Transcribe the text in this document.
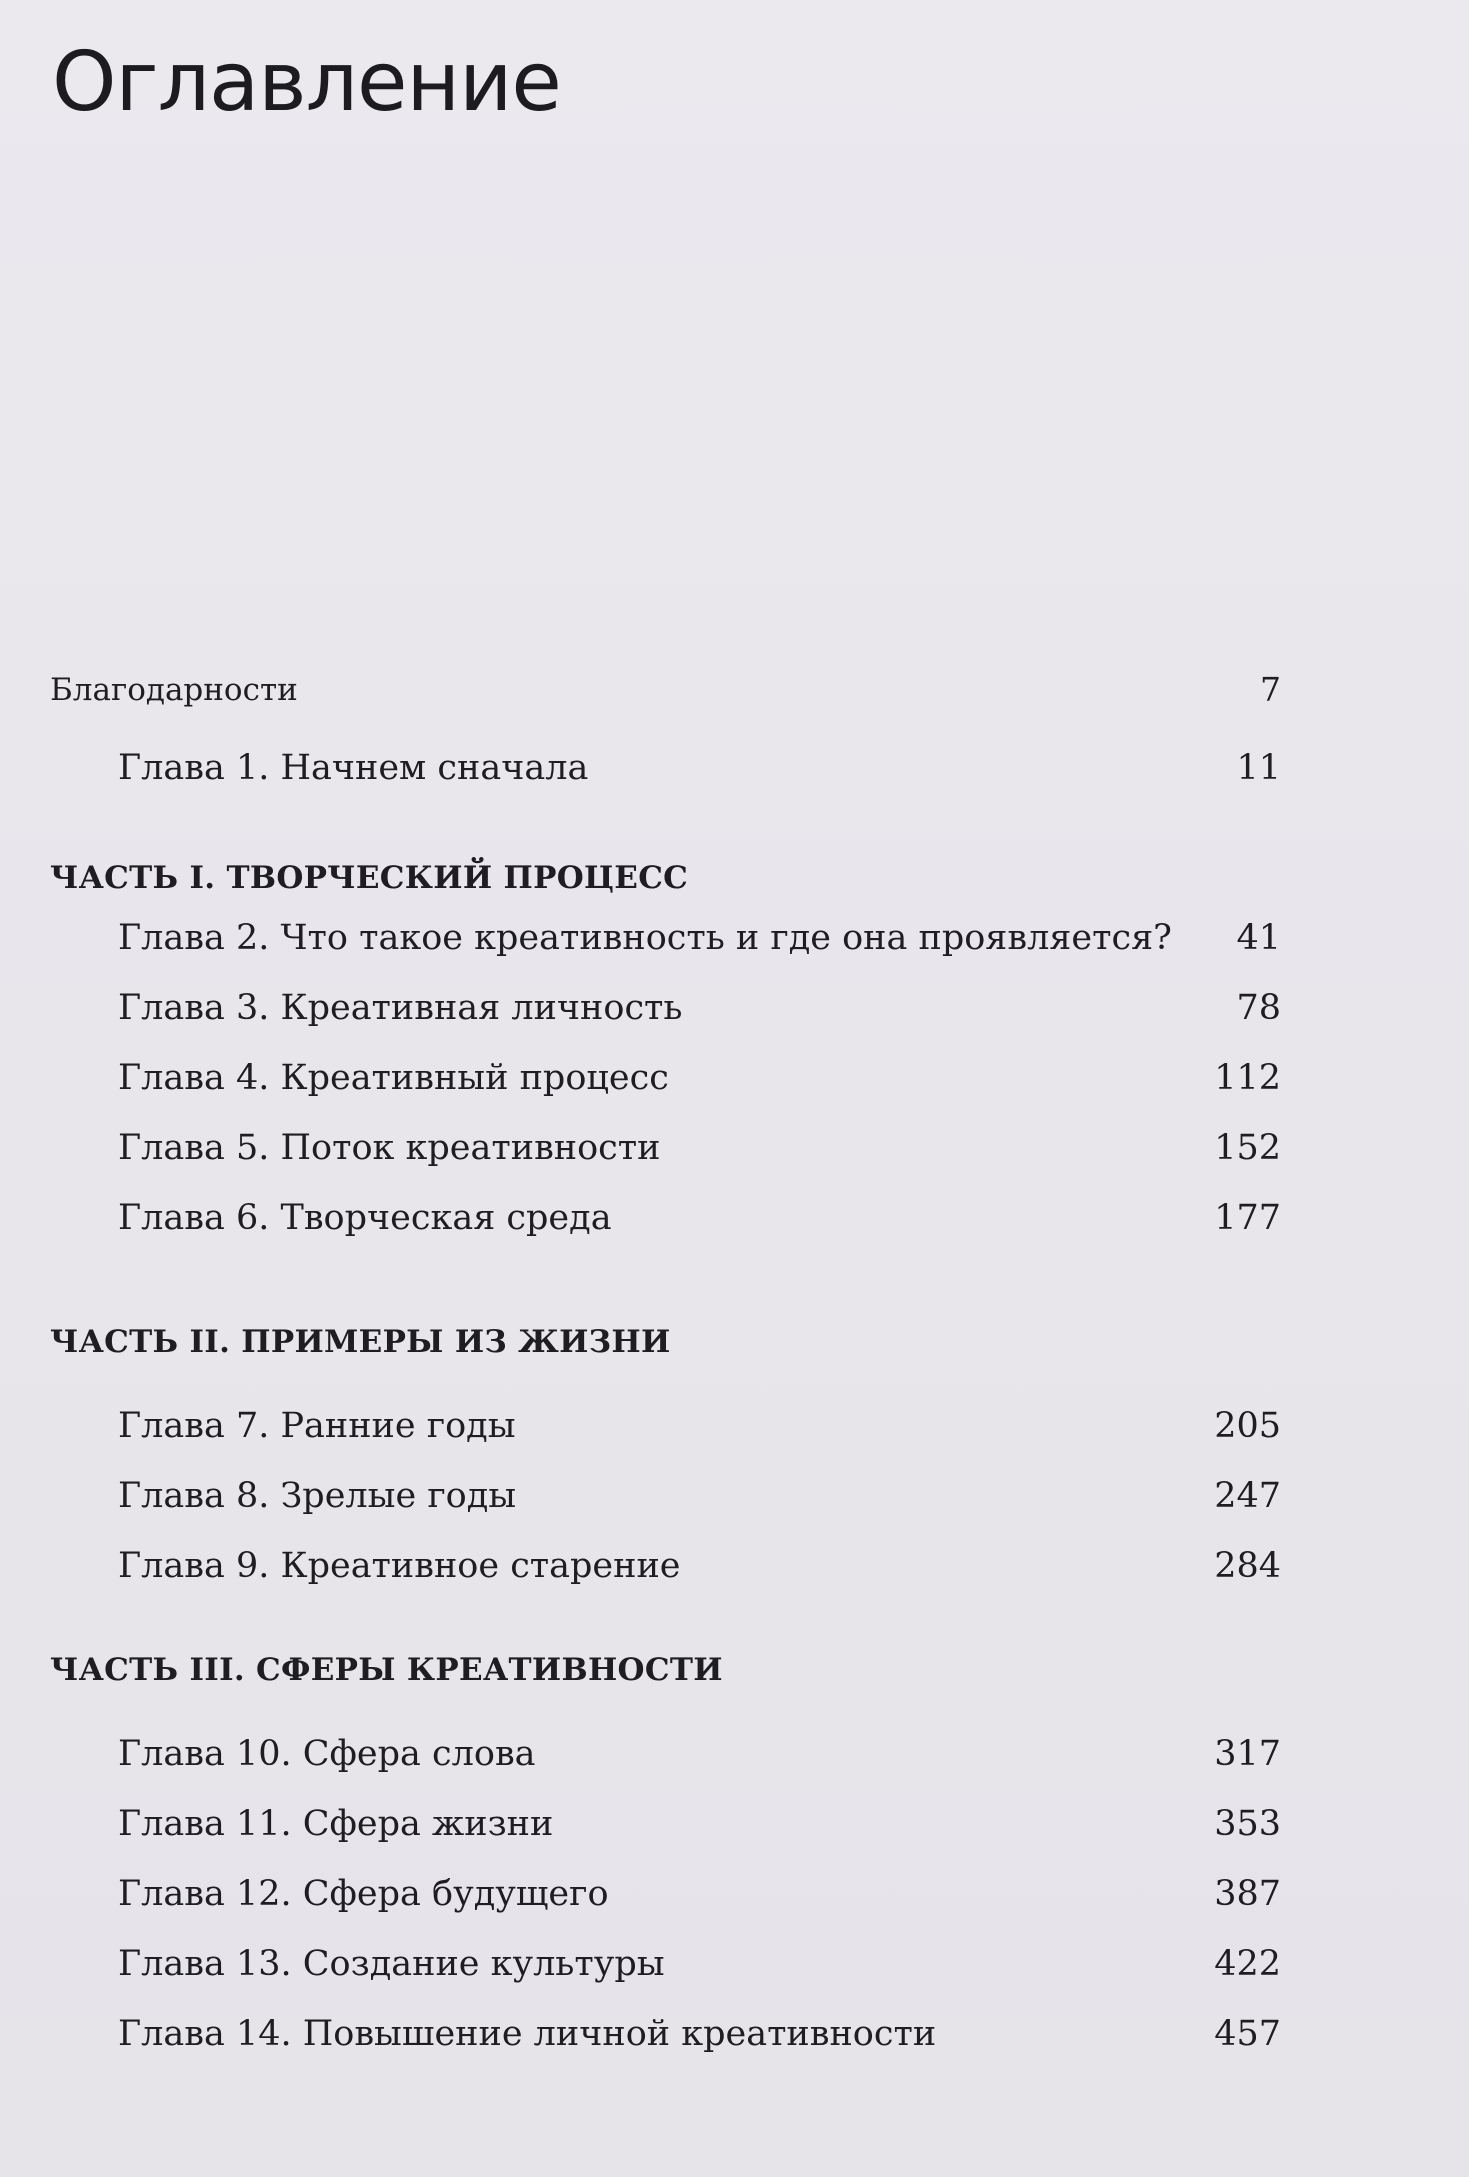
Оглавление
Благодарности	7
Глава 1. Начнем сначала	11
ЧАСТЬ I. ТВОРЧЕСКИЙ ПРОЦЕСС
Глава 2. Что такое креативность и где она проявляется? 41
Глава 3. Креативная личность	78
Глава 4. Креативный процесс	112
Глава 5. Поток креативности	152
Глава 6. Творческая среда	177
ЧАСТЬ II. ПРИМЕРЫ ИЗ ЖИЗНИ
Глава 7. Ранние годы	205
Глава 8. Зрелые годы	247
Глава 9. Креативное старение	284
ЧАСТЬ III. СФЕРЫ КРЕАТИВНОСТИ
Глава 10. Сфера слова	317
Глава 11. Сфера жизни	353
Глава 12. Сфера будущего	387
Глава 13. Создание культуры	422
Глава 14. Повышение личной креативности	457
